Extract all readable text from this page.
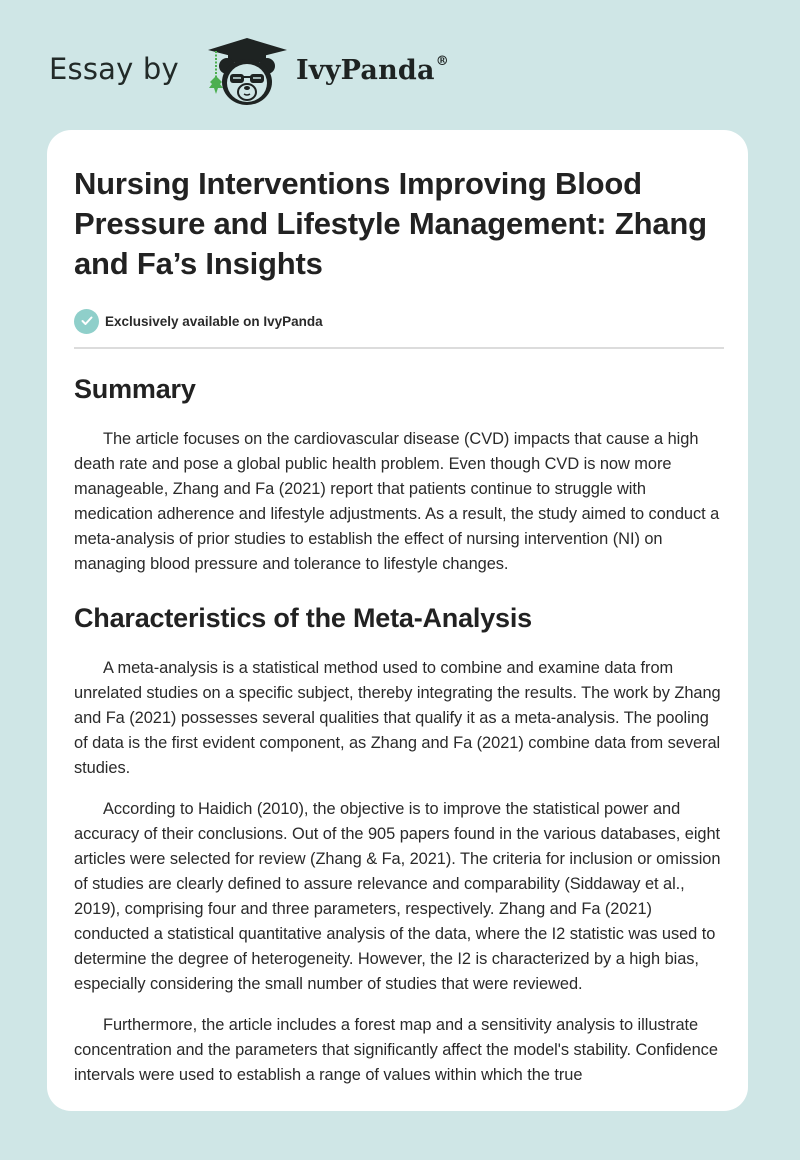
Essay by	IvyPanda®
Nursing Interventions Improving Blood Pressure and Lifestyle Management: Zhang and Fa’s Insights
Exclusively available on IvyPanda
Summary

The article focuses on the cardiovascular disease (CVD) impacts that cause a high death rate and pose a global public health problem. Even though CVD is now more manageable, Zhang and Fa (2021) report that patients continue to struggle with medication adherence and lifestyle adjustments. As a result, the study aimed to conduct a meta-analysis of prior studies to establish the effect of nursing intervention (NI) on managing blood pressure and tolerance to lifestyle changes.

Characteristics of the Meta-Analysis

A meta-analysis is a statistical method used to combine and examine data from unrelated studies on a specific subject, thereby integrating the results. The work by Zhang and Fa (2021) possesses several qualities that qualify it as a meta-analysis. The pooling of data is the first evident component, as Zhang and Fa (2021) combine data from several studies.

According to Haidich (2010), the objective is to improve the statistical power and accuracy of their conclusions. Out of the 905 papers found in the various databases, eight articles were selected for review (Zhang & Fa, 2021). The criteria for inclusion or omission of studies are clearly defined to assure relevance and comparability (Siddaway et al., 2019), comprising four and three parameters, respectively. Zhang and Fa (2021) conducted a statistical quantitative analysis of the data, where the I2 statistic was used to determine the degree of heterogeneity. However, the I2 is characterized by a high bias, especially considering the small number of studies that were reviewed.

Furthermore, the article includes a forest map and a sensitivity analysis to illustrate concentration and the parameters that significantly affect the model's stability. Confidence intervals were used to establish a range of values within which the true
